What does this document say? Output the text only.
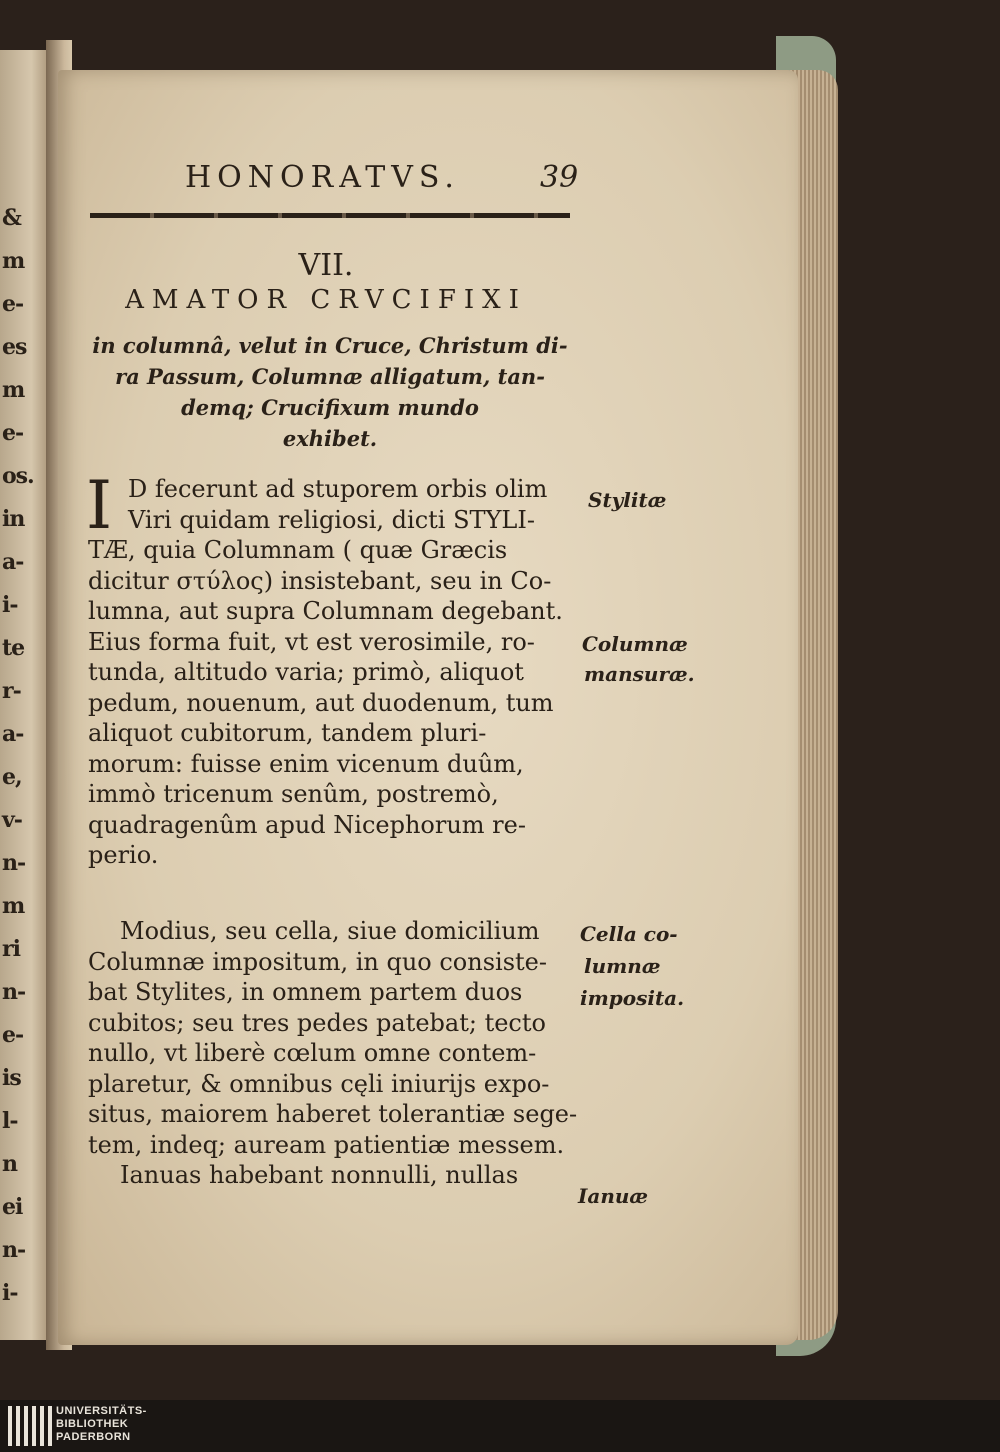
HONORATVS.	39
VII.
AMATOR CRVCIFIXI
in columnâ, velut in Cruce, Christum di-
ra Passum, Columnæ alligatum, tan-
demq; Crucifixum mundo
exhibet.
I D fecerunt ad stuporem orbis olim
Viri quidam religiosi, dicti STYLI-
TÆ, quia Columnam ( quæ Græcis
dicitur στύλος) insistebant, seu in Co-
lumna, aut supra Columnam degebant.
Eius forma fuit, vt est verosimile, ro-
tunda, altitudo varia; primò, aliquot
pedum, nouenum, aut duodenum, tum
aliquot cubitorum, tandem pluri-
morum: fuisse enim vicenum duûm,
immò tricenum senûm, postremò,
quadragenûm apud Nicephorum re-
perio.
Modius, seu cella, siue domicilium
Columnæ impositum, in quo consiste-
bat Stylites, in omnem partem duos
cubitos; seu tres pedes patebat; tecto
nullo, vt liberè cœlum omne contem-
plaretur, & omnibus cęli iniurijs expo-
situs, maiorem haberet tolerantiæ sege-
tem, indeq; auream patientiæ messem.
Ianuas habebant nonnulli, nullas
Stylitæ
Columnæ
mansuræ.
Cella co-
lumnæ
imposita.
Ianuæ
&
m
e-
es
m
e-
os.
in
a-
i-
te
r-
a-
e,
v-
n-
m
ri
n-
e-
is
l-
n
ei
n-
i-
UNIVERSITÄTS-
BIBLIOTHEK
PADERBORN
